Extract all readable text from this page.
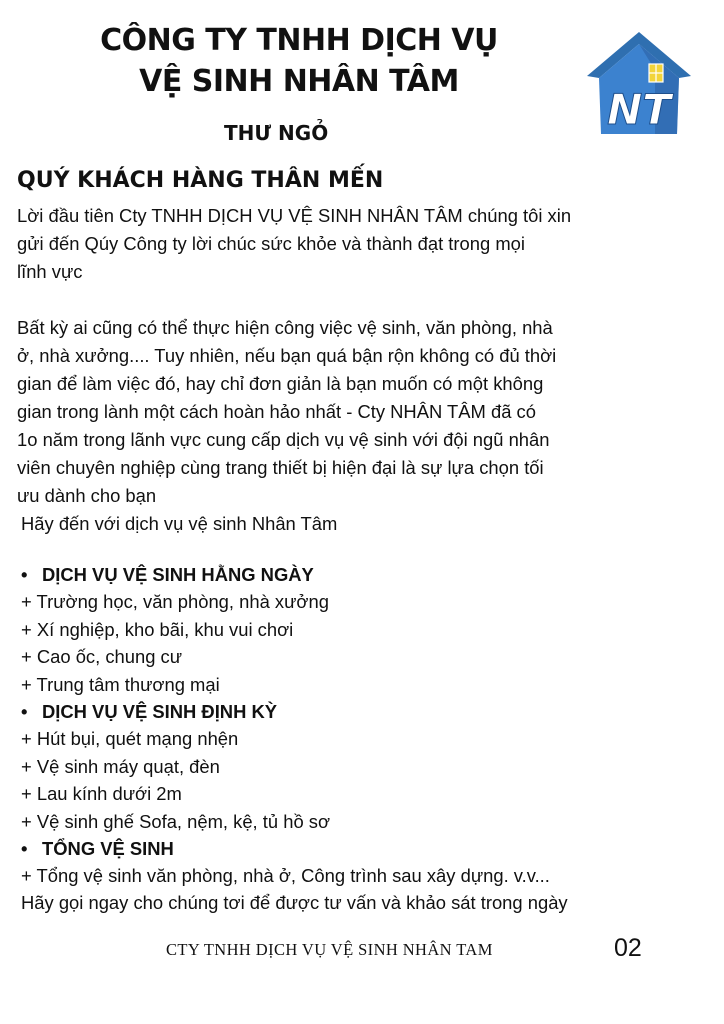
CÔNG TY TNHH DỊCH VỤ
VỆ SINH NHÂN TÂM
NT
THƯ NGỎ
QUÝ KHÁCH HÀNG THÂN MẾN
Lời đầu tiên Cty TNHH DỊCH VỤ VỆ SINH NHÂN TÂM chúng tôi xin
gửi đến Qúy Công ty lời chúc sức khỏe và thành đạt trong mọi
lĩnh vực
Bất kỳ ai cũng có thể thực hiện công việc vệ sinh, văn phòng, nhà
ở, nhà xưởng.... Tuy nhiên, nếu bạn quá bận rộn không có đủ thời
gian để làm việc đó, hay chỉ đơn giản là bạn muốn có một không
gian trong lành một cách hoàn hảo nhất - Cty NHÂN TÂM đã có
1o năm trong lãnh vực cung cấp dịch vụ vệ sinh với đội ngũ nhân
viên chuyên nghiệp cùng trang thiết bị hiện đại là sự lựa chọn tối
ưu dành cho bạn
Hãy đến với dịch vụ vệ sinh Nhân Tâm
• DỊCH VỤ VỆ SINH HẰNG NGÀY
+ Trường học, văn phòng, nhà xưởng
+ Xí nghiệp, kho bãi, khu vui chơi
+ Cao ốc, chung cư
+ Trung tâm thương mại
• DỊCH VỤ VỆ SINH ĐỊNH KỲ
+ Hút bụi, quét mạng nhện
+ Vệ sinh máy quạt, đèn
+ Lau kính dưới 2m
+ Vệ sinh ghế Sofa, nệm, kệ, tủ hồ sơ
• TỔNG VỆ SINH
+ Tổng vệ sinh văn phòng, nhà ở, Công trình sau xây dựng. v.v...
Hãy gọi ngay cho chúng tơi để được tư vấn và khảo sát trong ngày
CTY TNHH DỊCH VỤ VỆ SINH NHÂN TAM	02
